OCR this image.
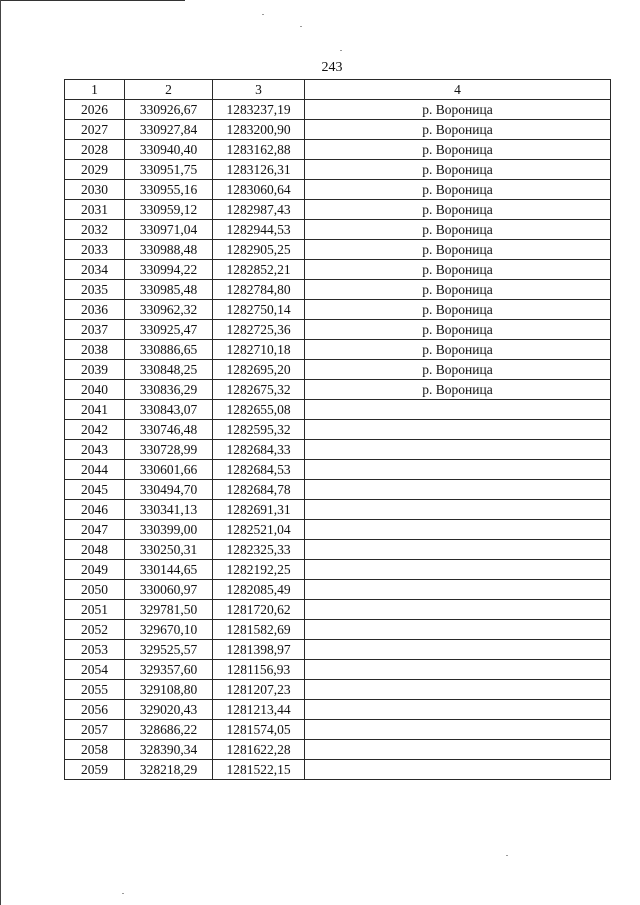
243
1	2	3	4
2026	330926,67	1283237,19	р. Вороница
2027	330927,84	1283200,90	р. Вороница
2028	330940,40	1283162,88	р. Вороница
2029	330951,75	1283126,31	р. Вороница
2030	330955,16	1283060,64	р. Вороница
2031	330959,12	1282987,43	р. Вороница
2032	330971,04	1282944,53	р. Вороница
2033	330988,48	1282905,25	р. Вороница
2034	330994,22	1282852,21	р. Вороница
2035	330985,48	1282784,80	р. Вороница
2036	330962,32	1282750,14	р. Вороница
2037	330925,47	1282725,36	р. Вороница
2038	330886,65	1282710,18	р. Вороница
2039	330848,25	1282695,20	р. Вороница
2040	330836,29	1282675,32	р. Вороница
2041	330843,07	1282655,08	
2042	330746,48	1282595,32	
2043	330728,99	1282684,33	
2044	330601,66	1282684,53	
2045	330494,70	1282684,78	
2046	330341,13	1282691,31	
2047	330399,00	1282521,04	
2048	330250,31	1282325,33	
2049	330144,65	1282192,25	
2050	330060,97	1282085,49	
2051	329781,50	1281720,62	
2052	329670,10	1281582,69	
2053	329525,57	1281398,97	
2054	329357,60	1281156,93	
2055	329108,80	1281207,23	
2056	329020,43	1281213,44	
2057	328686,22	1281574,05	
2058	328390,34	1281622,28	
2059	328218,29	1281522,15	
